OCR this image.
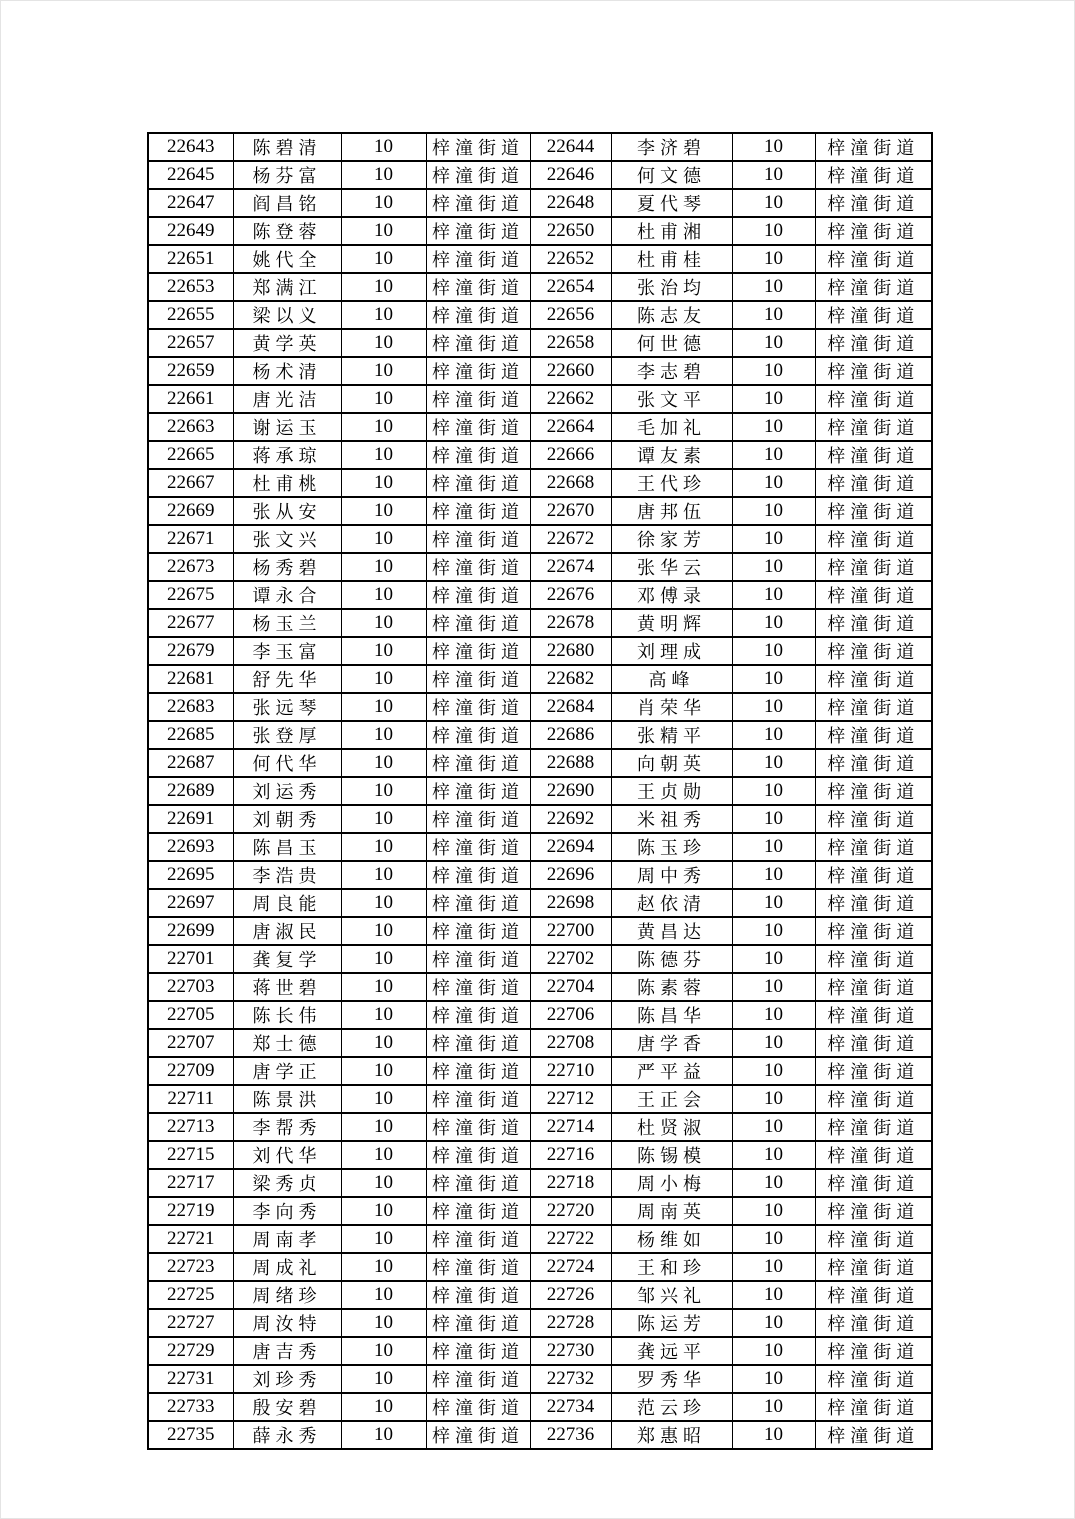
22643	陈碧清	10	梓潼街道	22644	李济碧	10	梓潼街道
22645	杨芬富	10	梓潼街道	22646	何文德	10	梓潼街道
22647	阎昌铭	10	梓潼街道	22648	夏代琴	10	梓潼街道
22649	陈登蓉	10	梓潼街道	22650	杜甫湘	10	梓潼街道
22651	姚代全	10	梓潼街道	22652	杜甫桂	10	梓潼街道
22653	郑满江	10	梓潼街道	22654	张治均	10	梓潼街道
22655	梁以义	10	梓潼街道	22656	陈志友	10	梓潼街道
22657	黄学英	10	梓潼街道	22658	何世德	10	梓潼街道
22659	杨术清	10	梓潼街道	22660	李志碧	10	梓潼街道
22661	唐光洁	10	梓潼街道	22662	张文平	10	梓潼街道
22663	谢运玉	10	梓潼街道	22664	毛加礼	10	梓潼街道
22665	蒋承琼	10	梓潼街道	22666	谭友素	10	梓潼街道
22667	杜甫桃	10	梓潼街道	22668	王代珍	10	梓潼街道
22669	张从安	10	梓潼街道	22670	唐邦伍	10	梓潼街道
22671	张文兴	10	梓潼街道	22672	徐家芳	10	梓潼街道
22673	杨秀碧	10	梓潼街道	22674	张华云	10	梓潼街道
22675	谭永合	10	梓潼街道	22676	邓傅录	10	梓潼街道
22677	杨玉兰	10	梓潼街道	22678	黄明辉	10	梓潼街道
22679	李玉富	10	梓潼街道	22680	刘理成	10	梓潼街道
22681	舒先华	10	梓潼街道	22682	高峰	10	梓潼街道
22683	张远琴	10	梓潼街道	22684	肖荣华	10	梓潼街道
22685	张登厚	10	梓潼街道	22686	张精平	10	梓潼街道
22687	何代华	10	梓潼街道	22688	向朝英	10	梓潼街道
22689	刘运秀	10	梓潼街道	22690	王贞勋	10	梓潼街道
22691	刘朝秀	10	梓潼街道	22692	米祖秀	10	梓潼街道
22693	陈昌玉	10	梓潼街道	22694	陈玉珍	10	梓潼街道
22695	李浩贵	10	梓潼街道	22696	周中秀	10	梓潼街道
22697	周良能	10	梓潼街道	22698	赵依清	10	梓潼街道
22699	唐淑民	10	梓潼街道	22700	黄昌达	10	梓潼街道
22701	龚复学	10	梓潼街道	22702	陈德芬	10	梓潼街道
22703	蒋世碧	10	梓潼街道	22704	陈素蓉	10	梓潼街道
22705	陈长伟	10	梓潼街道	22706	陈昌华	10	梓潼街道
22707	郑士德	10	梓潼街道	22708	唐学香	10	梓潼街道
22709	唐学正	10	梓潼街道	22710	严平益	10	梓潼街道
22711	陈景洪	10	梓潼街道	22712	王正会	10	梓潼街道
22713	李帮秀	10	梓潼街道	22714	杜贤淑	10	梓潼街道
22715	刘代华	10	梓潼街道	22716	陈锡模	10	梓潼街道
22717	梁秀贞	10	梓潼街道	22718	周小梅	10	梓潼街道
22719	李向秀	10	梓潼街道	22720	周南英	10	梓潼街道
22721	周南孝	10	梓潼街道	22722	杨维如	10	梓潼街道
22723	周成礼	10	梓潼街道	22724	王和珍	10	梓潼街道
22725	周绪珍	10	梓潼街道	22726	邹兴礼	10	梓潼街道
22727	周汝特	10	梓潼街道	22728	陈运芳	10	梓潼街道
22729	唐吉秀	10	梓潼街道	22730	龚远平	10	梓潼街道
22731	刘珍秀	10	梓潼街道	22732	罗秀华	10	梓潼街道
22733	殷安碧	10	梓潼街道	22734	范云珍	10	梓潼街道
22735	薛永秀	10	梓潼街道	22736	郑惠昭	10	梓潼街道
